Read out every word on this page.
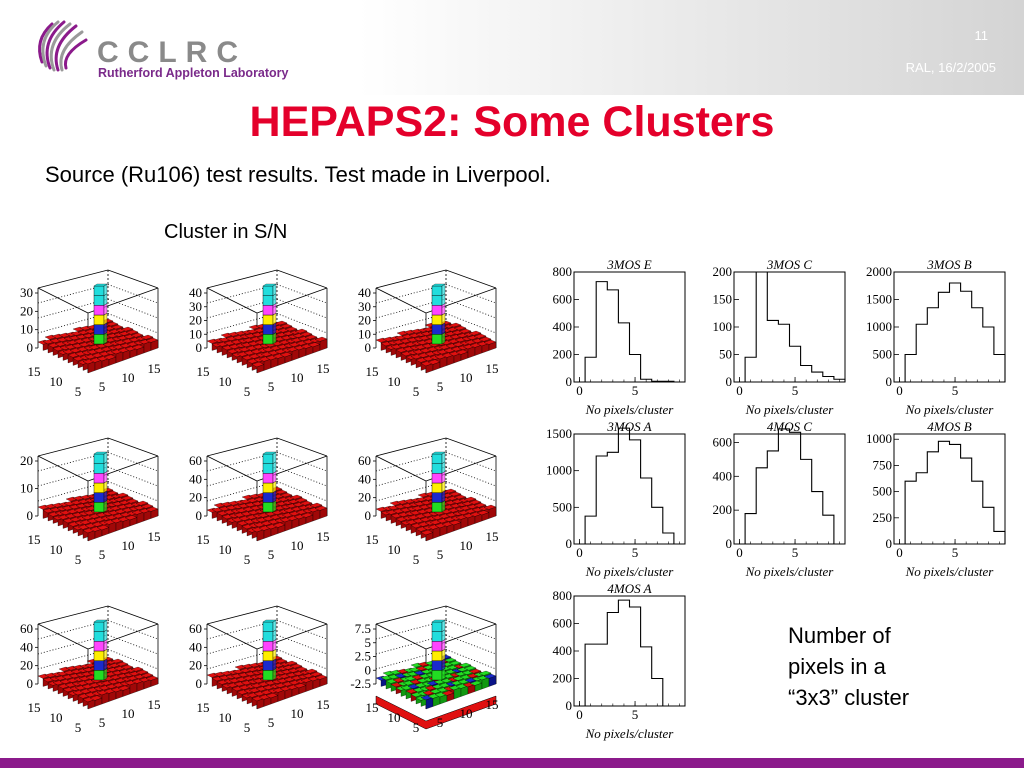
CCLRC
Rutherford Appleton Laboratory
11
RAL, 16/2/2005
HEPAPS2: Some Clusters
Source (Ru106) test results. Test made in Liverpool.
Cluster in S/N
0
10
20
30
15
10
5 5
10
15
0
10
20
30
40
15
10
5 5
10
15
0
10
20
30
40
15
10
5 5
10
15
0
10
20
15
10
5 5
10
15
0
20
40
60
15
10
5 5
10
15
0
20
40
60
15
10
5 5
10
15
0
20
40
60
15
10
5 5
10
15
0
20
40
60
15
10
5 5
10
15
-2.5
0
2.5
5
7.5
15
10
5 5
10
15
3MOS E
0
200
400
600
800
0	5
No pixels/cluster
3MOS C
0
50
100
150
200
0	5
No pixels/cluster
3MOS B
0
500
1000
1500
2000
0	5
No pixels/cluster
3MOS A
0
500
1000
1500
0	5
No pixels/cluster
4MOS C
0
200
400
600
0	5
No pixels/cluster
4MOS B
0
250
500
750
1000
0	5
No pixels/cluster
4MOS A
0
200
400
600
800
0	5
No pixels/cluster
Number of
pixels in a
“3x3” cluster
